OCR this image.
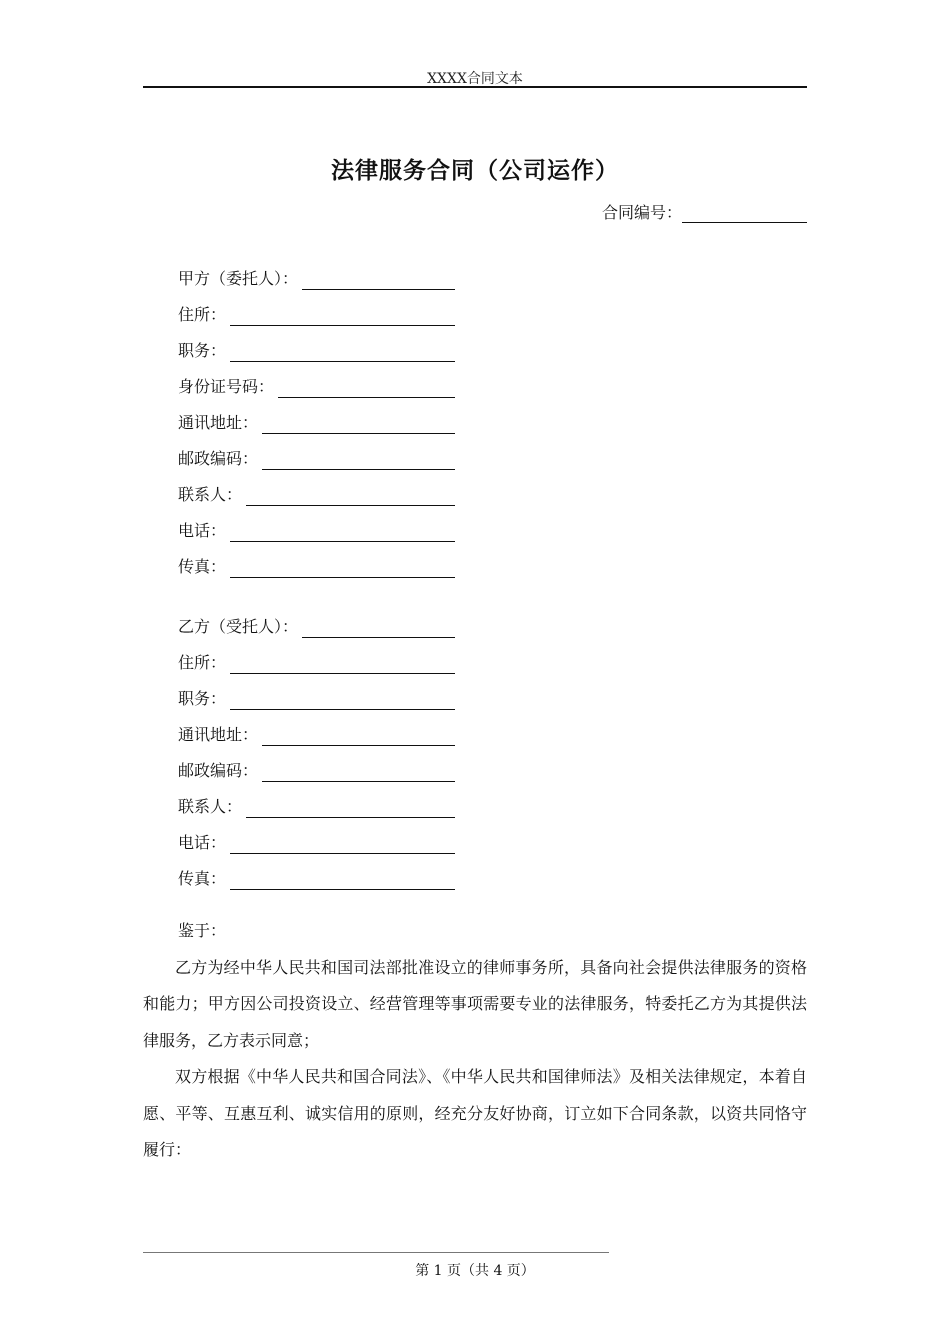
XXXX合同文本
法律服务合同（公司运作）
合同编号：
甲方（委托人）：
住所：
职务：
身份证号码：
通讯地址：
邮政编码：
联系人：
电话：
传真：
乙方（受托人）：
住所：
职务：
通讯地址：
邮政编码：
联系人：
电话：
传真：

鉴于：

乙方为经中华人民共和国司法部批准设立的律师事务所，具备向社会提供法律服务的资格和能力；甲方因公司投资设立、经营管理等事项需要专业的法律服务，特委托乙方为其提供法律服务，乙方表示同意；

双方根据《中华人民共和国合同法》、《中华人民共和国律师法》及相关法律规定，本着自愿、平等、互惠互利、诚实信用的原则，经充分友好协商，订立如下合同条款，以资共同恪守履行：

第 1 页（共 4 页）
